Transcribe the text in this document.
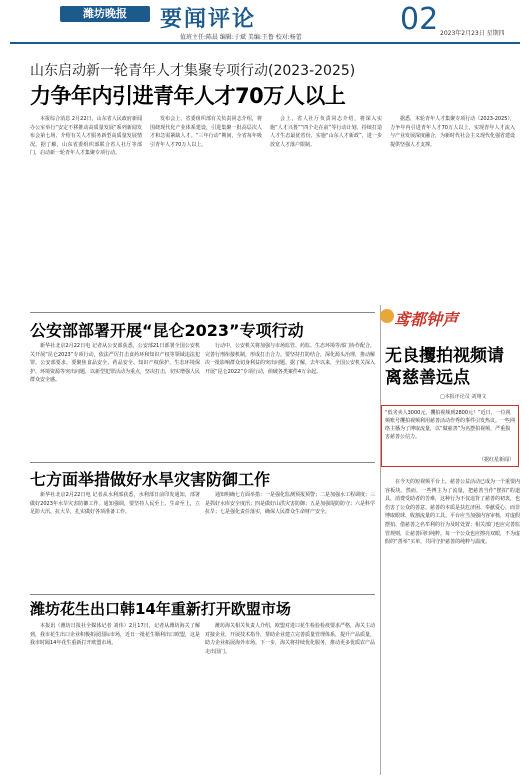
潍坊晚报	要闻评论
值班主任:陈晨 编辑:于斌 美编:王鲁 校对:杨蕾
02 2023年2月23日 星期四
山东启动新一轮青年人才集聚专项行动(2023-2025)
力争年内引进青年人才70万人以上

本报综合消息 2月22日，山东省人民政府新闻办公室举行“安定不移推动高质量发展”系列新闻发布会第七场，介绍有关人才服务新型高质量发展情况。据了解，山东省委组织部联合省人社厅等部门，启动新一轮青年人才集聚专项行动。

发布会上，省委组织部有关负责同志介绍，将围绕现代化产业体系建设，引进集聚一批高层次人才和急需紧缺人才。“三年行动”期间，全省每年吸引青年人才70万人以上。

会上，省人社厅负责同志介绍，将深入实施“人才兴鲁”“四个走在前”等行动计划，持续打造人才生态最优省份，实施“山东人才新政”，进一步放宽人才落户限制。

据悉，本轮青年人才集聚专项行动（2023-2025），力争年内引进青年人才70万人以上，实现青年人才流入与产业发展深度融合，为新时代社会主义现代化强省建设提供坚强人才支撑。

公安部部署开展“昆仑2023”专项行动

新华社北京2月22日电 记者从公安部获悉，公安部21日部署全国公安机关开展“昆仑2023”专项行动，依法严厉打击食药环和知识产权等领域违法犯罪。公安部要求，要聚焦食品安全、药品安全、知识产权保护、生态环境保护、环境资源等突出问题，以新型犯罪活动为重点，坚决打击，切实增强人民群众安全感。

行动中，公安机关将加强与市场监管、药监、生态环境等部门协作配合，完善行刑衔接机制，形成打击合力。要坚持打防结合，深化源头治理，推动解决一批影响群众切身利益的突出问题。据了解，去年以来，全国公安机关深入开展“昆仑2022”专项行动，侦破各类案件4万余起。

七方面举措做好水旱灾害防御工作

新华社北京2月22日电 记者从水利部获悉，水利部日前印发通知，部署做好2023年水旱灾害防御工作。通知强调，要坚持人民至上、生命至上，立足防大汛、抗大旱，扎实做好各项准备工作。

通知明确七方面举措：一是强化监测预报预警；二是加强水工程调度；三是抓好水库安全度汛；四是做好山洪灾害防御；五是加强堤防防守；六是科学抗旱；七是强化责任落实，确保人民群众生命财产安全。

潍坊花生出口韩14年重新打开欧盟市场

本报讯（潍坊日报社全媒体记者 刘伟）2月17日，记者从潍坊海关了解到，我市花生出口企业积极拓展国际市场，近日一批花生顺利出口欧盟，这是我市时隔14年花生重新打开欧盟市场。

潍坊海关相关负责人介绍，欧盟对进口花生检验检疫要求严格，海关主动对接企业，开展技术指导，帮助企业建立完善质量管理体系，提升产品质量，助力企业拓展海外市场。下一步，海关将持续优化服务，推动更多优质农产品走出国门。

鸢都钟声
无良攫拍视频请离慈善远点
□本报评论员 刘翔文
“低劣卖人3000元，攫拍视频到2800元！”近日，一位视频账号攫拍视频利用慈善活动作秀的事件引发热议。一些网络主播为了博取流量，以“做慈善”为名摆拍视频，严重损害慈善公信力。
（据红星新闻）

在今天的短视频平台上，慈善公益活动已成为一个重要内容板块。然而，一些博主为了流量，把慈善当作“摆拍”的道具，消费受助者的苦难，这种行为不仅违背了慈善的初衷，也伤害了公众的善意。慈善的本质是扶危济困、奉献爱心，而非博取眼球、收割流量的工具。平台应当加强内容审核，对虚假摆拍、借慈善之名牟利的行为及时处置；相关部门也应完善监管规则，让慈善回归纯粹。每一个公众也应擦亮双眼，不为虚假的“善举”买单，共同守护慈善的纯粹与温度。
